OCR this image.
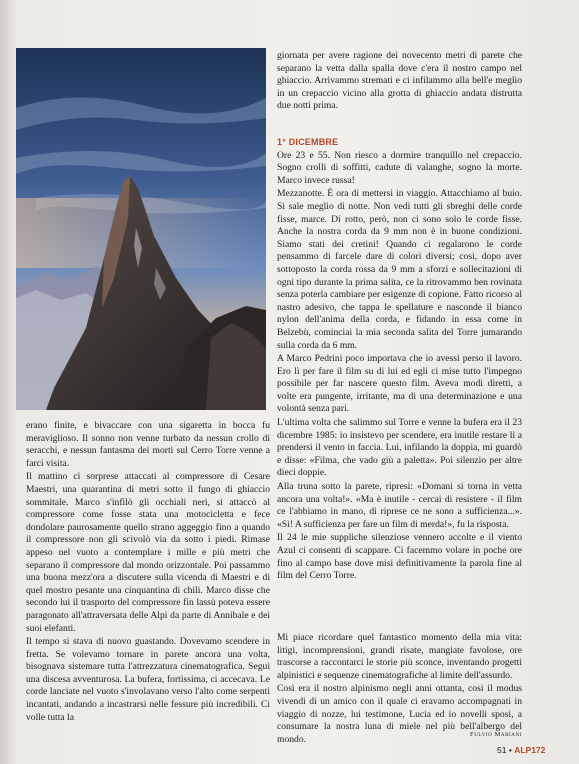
giornata per avere ragione dei novecento metri di parete che separano la vetta dalla spalla dove c'era il nostro campo nel ghiaccio. Arrivammo stremati e ci infilammo alla bell'e meglio in un crepaccio vicino alla grotta di ghiaccio andata distrutta due notti prima.

1° DICEMBRE

Ore 23 e 55. Non riesco a dormire tranquillo nel crepaccio. Sogno crolli di soffitti, cadute di valanghe, sogno la morte. Marco invece russa!

Mezzanotte. È ora di mettersi in viaggio. Attacchiamo al buio. Si sale meglio di notte. Non vedi tutti gli sbreghi delle corde fisse, marce. Di rotto, però, non ci sono solo le corde fisse. Anche la nostra corda da 9 mm non è in buone condizioni. Siamo stati dei cretini! Quando ci regalarono le corde pensammo di farcele dare di colori diversi; così, dopo aver sottoposto la corda rossa da 9 mm a sforzi e sollecitazioni di ogni tipo durante la prima salita, ce la ritrovammo ben rovinata senza poterla cambiare per esigenze di copione. Fatto ricorso al nastro adesivo, che tappa le spellature e nasconde il bianco nylon dell'anima della corda, e fidando in essa come in Belzebù, cominciai la mia seconda salita del Torre jumarando sulla corda da 6 mm.

A Marco Pedrini poco importava che io avessi perso il lavoro. Ero lì per fare il film su di lui ed egli ci mise tutto l'impegno possibile per far nascere questo film. Aveva modi diretti, a volte era pungente, irritante, ma di una determinazione e una volontà senza pari.

L'ultima volta che salimmo sul Torre e venne la bufera era il 23 dicembre 1985: io insistevo per scendere, era inutile restare lì a prendersi il vento in faccia. Lui, infilando la doppia, mi guardò e disse: «Filma, che vado giù a paletta». Poi silenzio per altre dieci doppie.

Alla truna sotto la parete, ripresi: «Domani si torna in vetta ancora una volta!». «Ma è inutile - cercai di resistere - il film ce l'abbiamo in mano, di riprese ce ne sono a sufficienza...». «Sì! A sufficienza per fare un film di merda!», fu la risposta.

Il 24 le mie suppliche silenziose vennero accolte e il viento Azul ci consentì di scappare. Ci facemmo volare in poche ore fino al campo base dove misi definitivamente la parola fine al film del Cerro Torre.

Mi piace ricordare quel fantastico momento della mia vita: litigi, incomprensioni, grandi risate, mangiate favolose, ore trascorse a raccontarci le storie più sconce, inventando progetti alpinistici e sequenze cinematografiche al limite dell'assurdo.

Così era il nostro alpinismo negli anni ottanta, così il modus vivendi di un amico con il quale ci eravamo accompagnati in viaggio di nozze, lui testimone, Lucia ed io novelli sposi, a consumare la nostra luna di miele nel più bell'albergo del mondo.

erano finite, e bivaccare con una sigaretta in bocca fu meraviglioso. Il sonno non venne turbato da nessun crollo di seracchi, e nessun fantasma dei morti sul Cerro Torre venne a farci visita.

Il mattino ci sorprese attaccati al compressore di Cesare Maestri, una quarantina di metri sotto il fungo di ghiaccio sommitale. Marco s'infilò gli occhiali neri, si attaccò al compressore come fosse stata una motocicletta e fece dondolare paurosamente quello strano aggeggio fino a quando il compressore non gli scivolò via da sotto i piedi. Rimase appeso nel vuoto a contemplare i mille e più metri che separano il compressore dal mondo orizzontale. Poi passammo una buona mezz'ora a discutere sulla vicenda di Maestri e di quel mostro pesante una cinquantina di chili. Marco disse che secondo lui il trasporto del compressore fin lassù poteva essere paragonato all'attraversata delle Alpi da parte di Annibale e dei suoi elefanti.

Il tempo si stava di nuovo guastando. Dovevamo scendere in fretta. Se volevamo tornare in parete ancora una volta, bisognava sistemare tutta l'attrezzatura cinematografica. Seguì una discesa avventurosa. La bufera, fortissima, ci accecava. Le corde lanciate nel vuoto s'involavano verso l'alto come serpenti incantati, andando a incastrarsi nelle fessure più incredibili. Ci volle tutta la

Fulvio Mariani
51 • ALP172
